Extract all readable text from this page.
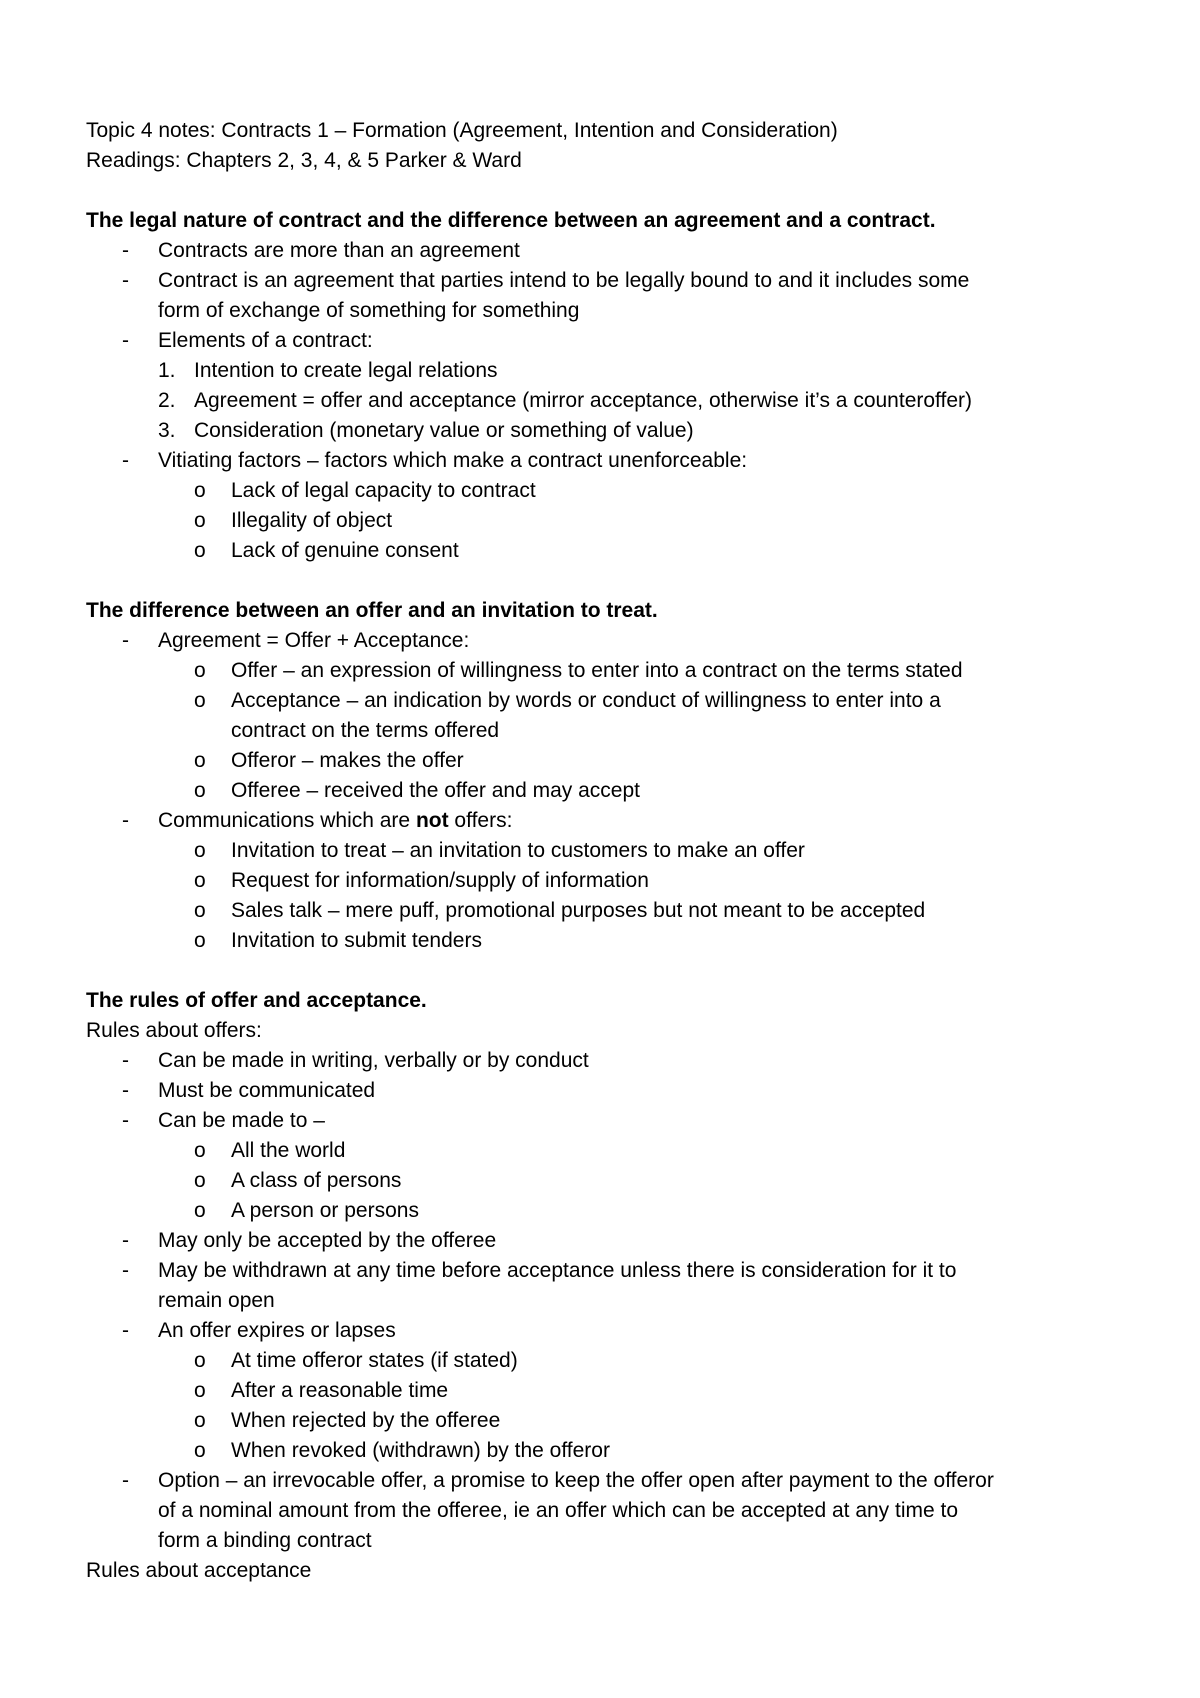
Topic 4 notes: Contracts 1 – Formation (Agreement, Intention and Consideration)

Readings: Chapters 2, 3, 4, & 5 Parker & Ward

The legal nature of contract and the difference between an agreement and a contract.

- Contracts are more than an agreement
- Contract is an agreement that parties intend to be legally bound to and it includes some
form of exchange of something for something
- Elements of a contract:
1. Intention to create legal relations
2. Agreement = offer and acceptance (mirror acceptance, otherwise it’s a counteroffer)
3. Consideration (monetary value or something of value)
- Vitiating factors – factors which make a contract unenforceable:
o Lack of legal capacity to contract
o Illegality of object
o Lack of genuine consent

The difference between an offer and an invitation to treat.

- Agreement = Offer + Acceptance:
o Offer – an expression of willingness to enter into a contract on the terms stated
o Acceptance – an indication by words or conduct of willingness to enter into a
contract on the terms offered
o Offeror – makes the offer
o Offeree – received the offer and may accept
- Communications which are not offers:
o Invitation to treat – an invitation to customers to make an offer
o Request for information/supply of information
o Sales talk – mere puff, promotional purposes but not meant to be accepted
o Invitation to submit tenders

The rules of offer and acceptance.

Rules about offers:

- Can be made in writing, verbally or by conduct
- Must be communicated
- Can be made to –
o All the world
o A class of persons
o A person or persons
- May only be accepted by the offeree
- May be withdrawn at any time before acceptance unless there is consideration for it to
remain open
- An offer expires or lapses
o At time offeror states (if stated)
o After a reasonable time
o When rejected by the offeree
o When revoked (withdrawn) by the offeror
- Option – an irrevocable offer, a promise to keep the offer open after payment to the offeror
of a nominal amount from the offeree, ie an offer which can be accepted at any time to
form a binding contract

Rules about acceptance
